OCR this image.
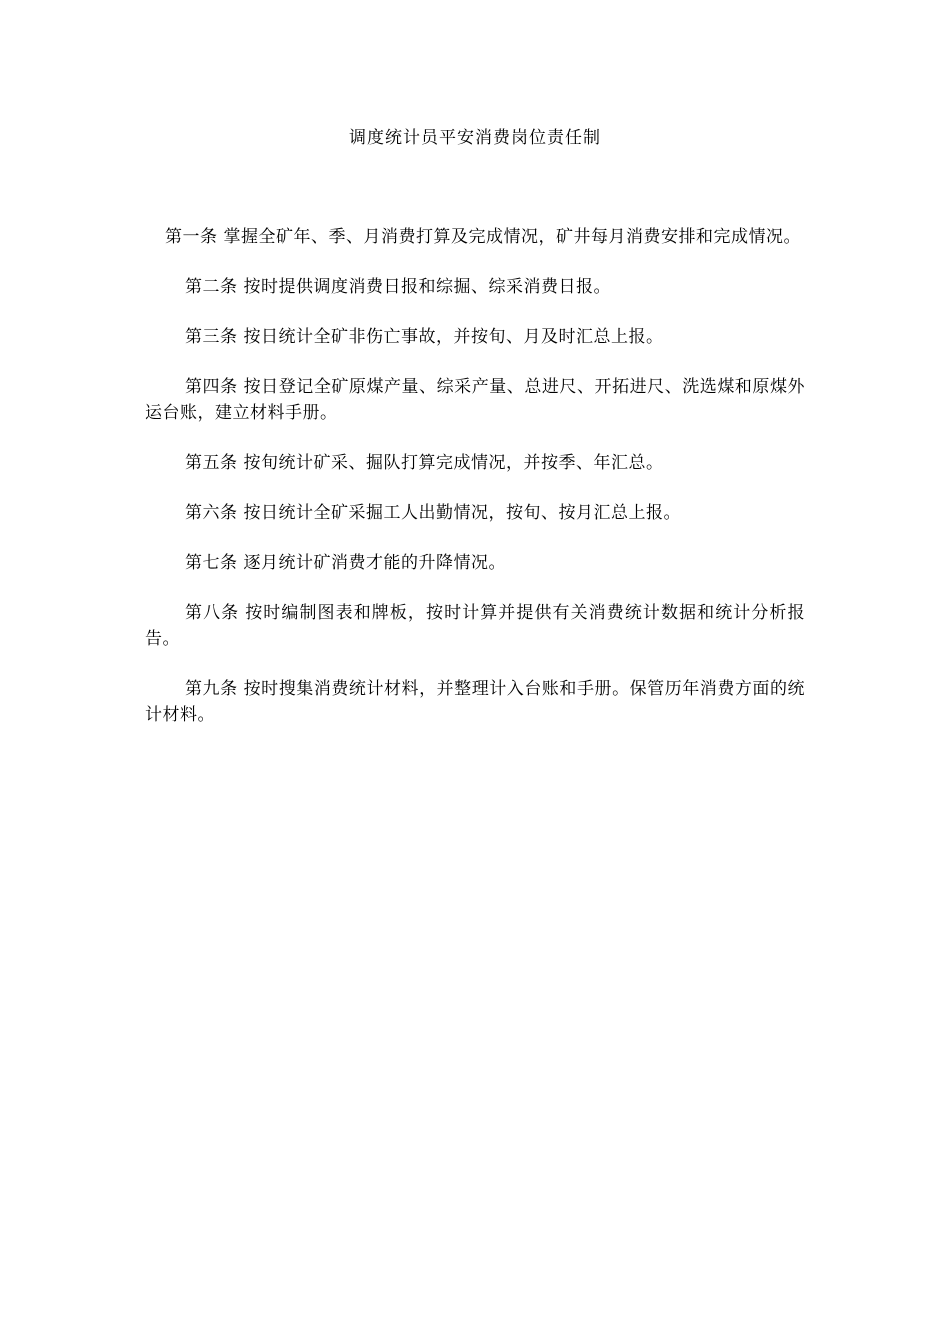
调度统计员平安消费岗位责任制

第一条 掌握全矿年、季、月消费打算及完成情况，矿井每月消费安排和完成情况。

第二条 按时提供调度消费日报和综掘、综采消费日报。

第三条 按日统计全矿非伤亡事故，并按旬、月及时汇总上报。

第四条 按日登记全矿原煤产量、综采产量、总进尺、开拓进尺、洗选煤和原煤外运台账，建立材料手册。

第五条 按旬统计矿采、掘队打算完成情况，并按季、年汇总。

第六条 按日统计全矿采掘工人出勤情况，按旬、按月汇总上报。

第七条 逐月统计矿消费才能的升降情况。

第八条 按时编制图表和牌板，按时计算并提供有关消费统计数据和统计分析报告。

第九条 按时搜集消费统计材料，并整理计入台账和手册。保管历年消费方面的统计材料。
